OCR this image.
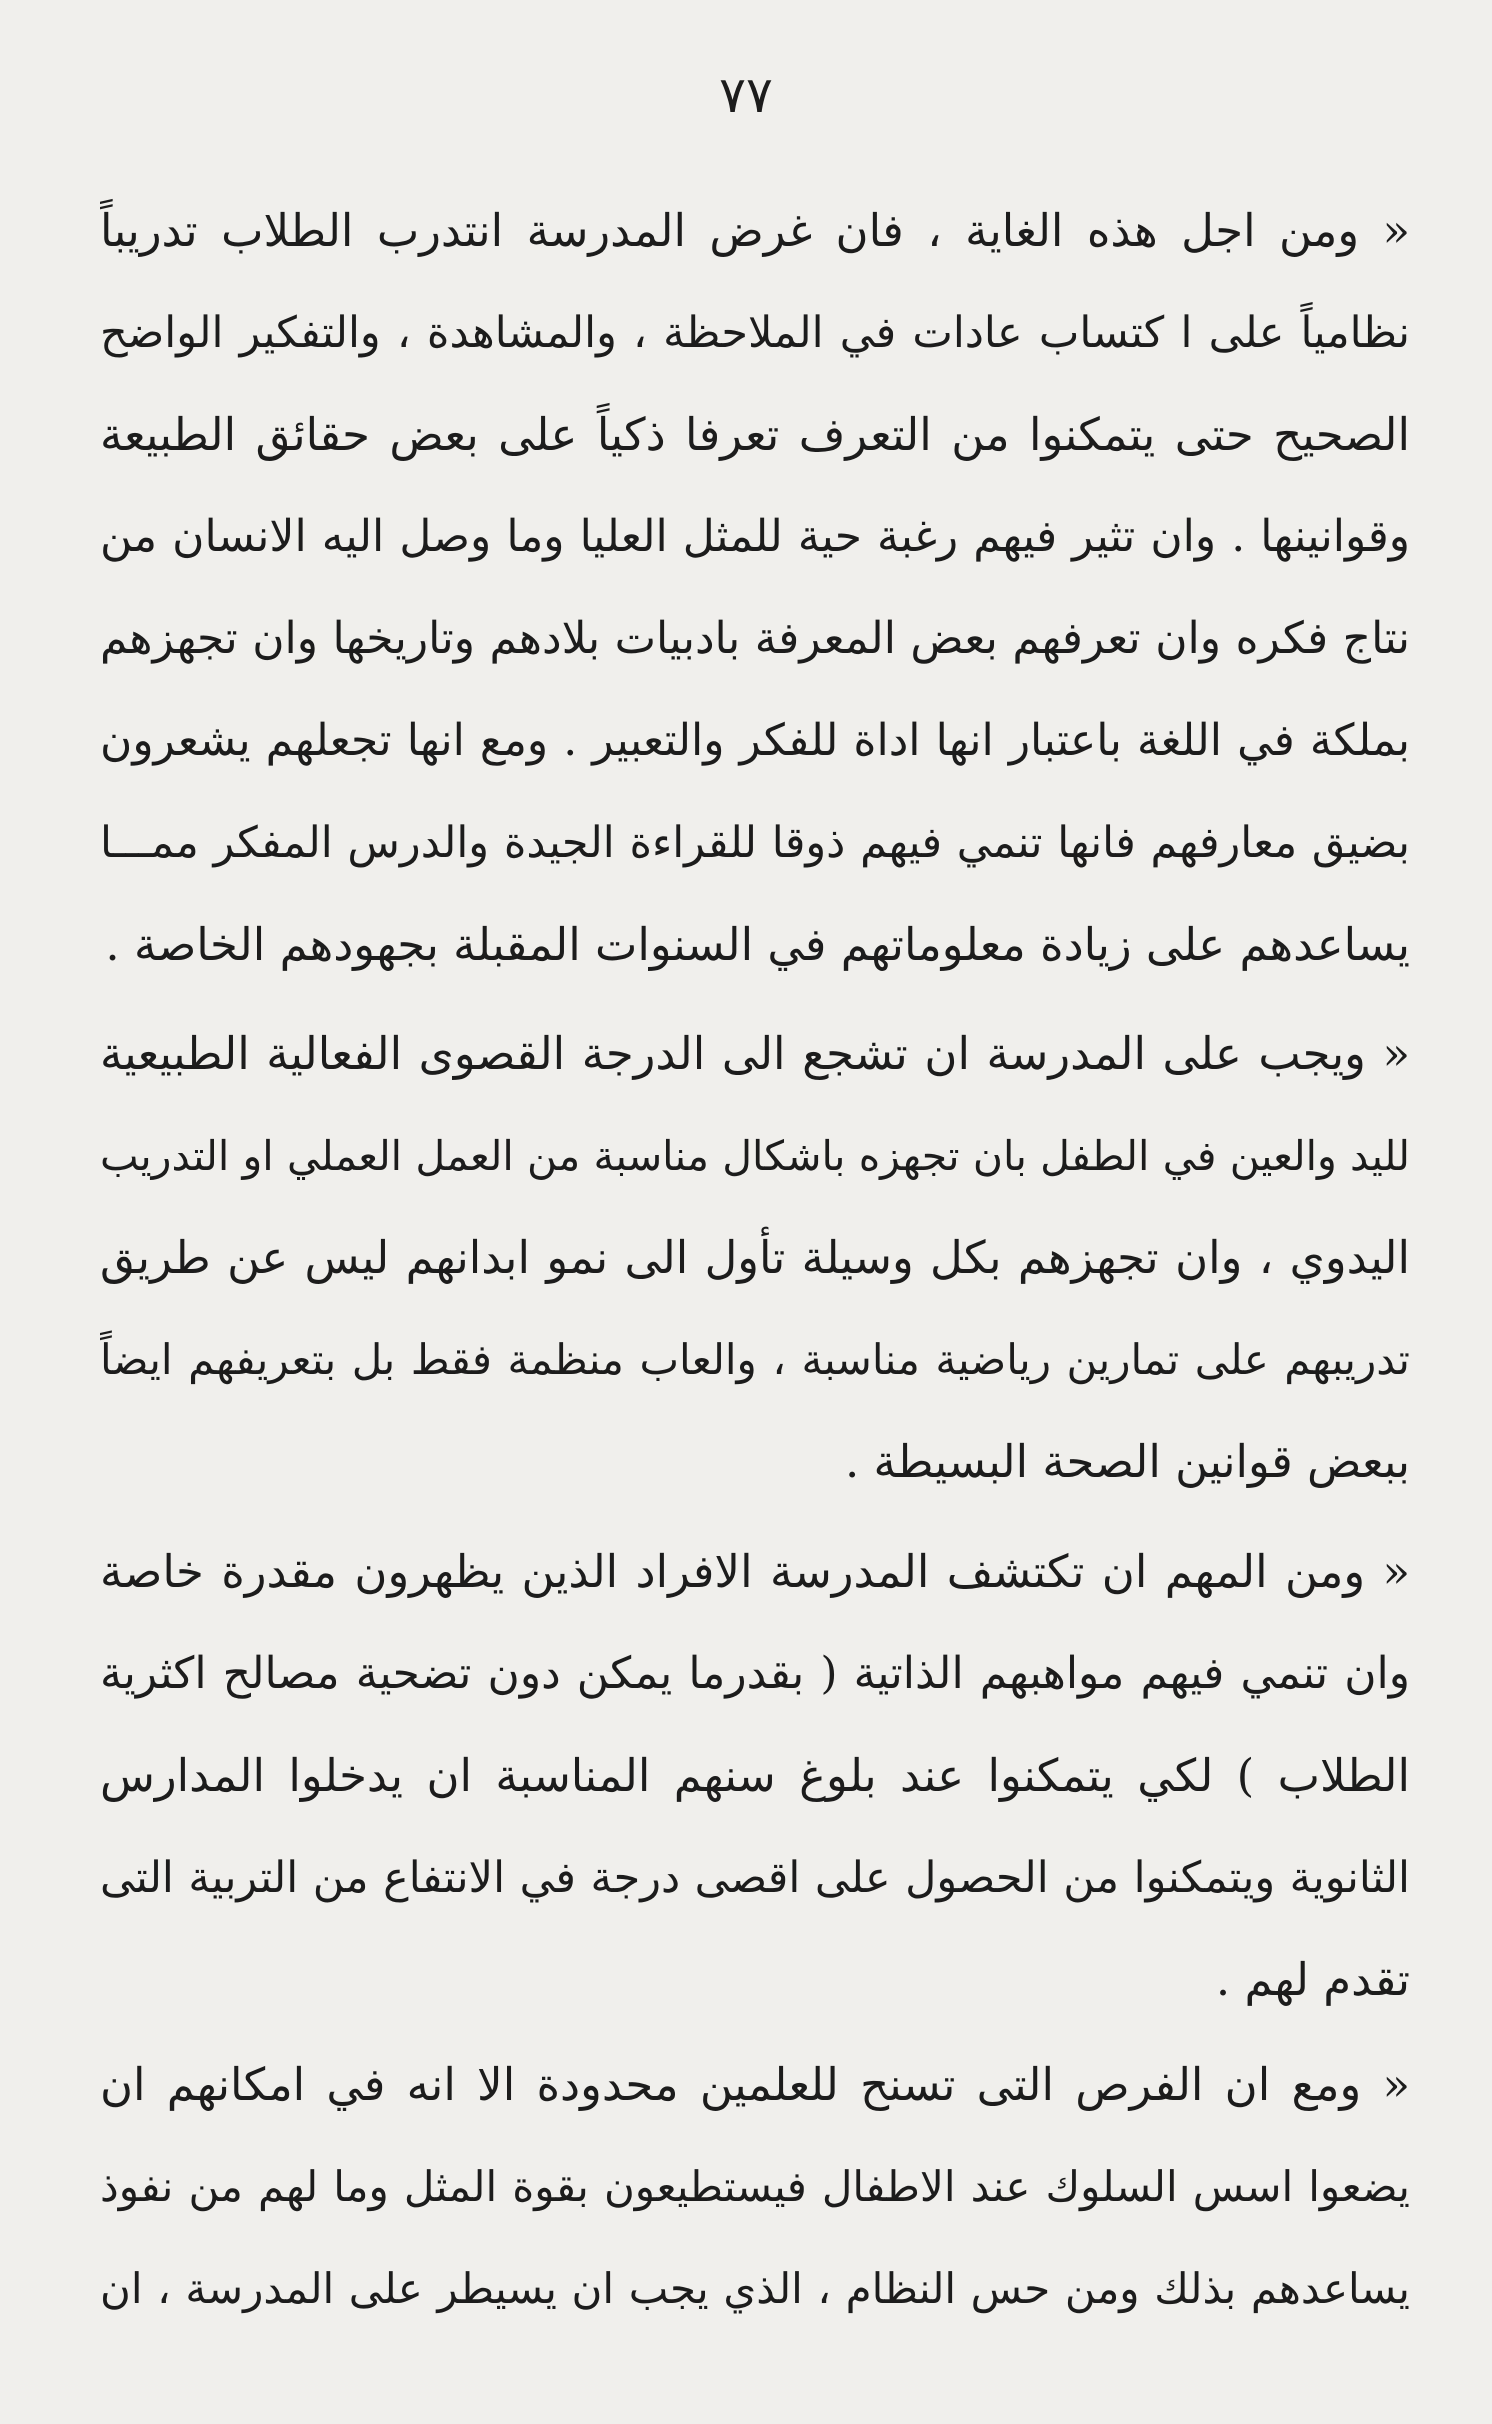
٧٧
« ومن اجل هذه الغاية ، فان غرض المدرسة انتدرب الطلاب تدريباً
نظامياً على ا كتساب عادات في الملاحظة ، والمشاهدة ، والتفكير الواضح
الصحيح حتى يتمكنوا من التعرف تعرفا ذكياً على بعض حقائق الطبيعة
وقوانينها . وان تثير فيهم رغبة حية للمثل العليا وما وصل اليه الانسان من
نتاج فكره وان تعرفهم بعض المعرفة بادبيات بلادهم وتاريخها وان تجهزهم
بملكة في اللغة باعتبار انها اداة للفكر والتعبير . ومع انها تجعلهم يشعرون
بضيق معارفهم فانها تنمي فيهم ذوقا للقراءة الجيدة والدرس المفكر ممـــا
يساعدهم على زيادة معلوماتهم في السنوات المقبلة بجهودهم الخاصة .
« ويجب على المدرسة ان تشجع الى الدرجة القصوى الفعالية الطبيعية
لليد والعين في الطفل بان تجهزه باشكال مناسبة من العمل العملي او التدريب
اليدوي ، وان تجهزهم بكل وسيلة تأول الى نمو ابدانهم ليس عن طريق
تدريبهم على تمارين رياضية مناسبة ، والعاب منظمة فقط بل بتعريفهم ايضاً
ببعض قوانين الصحة البسيطة .
« ومن المهم ان تكتشف المدرسة الافراد الذين يظهرون مقدرة خاصة
وان تنمي فيهم مواهبهم الذاتية ( بقدرما يمكن دون تضحية مصالح اكثرية
الطلاب ) لكي يتمكنوا عند بلوغ سنهم المناسبة ان يدخلوا المدارس
الثانوية ويتمكنوا من الحصول على اقصى درجة في الانتفاع من التربية التى
تقدم لهم .
« ومع ان الفرص التى تسنح للعلمين محدودة الا انه في امكانهم ان
يضعوا اسس السلوك عند الاطفال فيستطيعون بقوة المثل وما لهم من نفوذ
يساعدهم بذلك ومن حس النظام ، الذي يجب ان يسيطر على المدرسة ، ان
